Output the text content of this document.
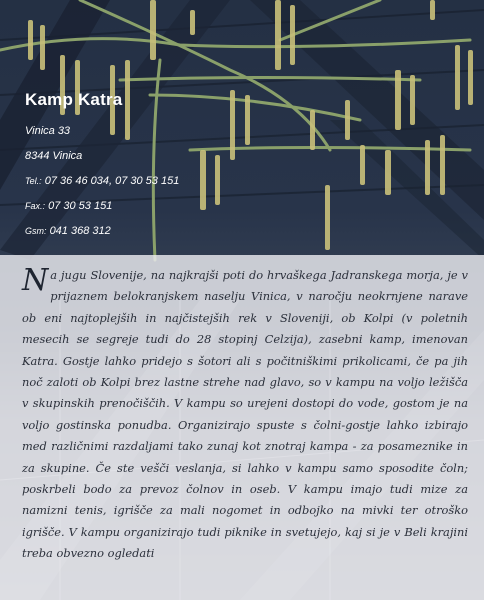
Kamp Katra
Vinica 33
8344 Vinica
Tel.: 07 36 46 034, 07 30 53 151
Fax.: 07 30 53 151
Gsm: 041 368 312
Na jugu Slovenije, na najkrajši poti do hrvaškega Jadranskega morja, je v prijaznem belokranjskem naselju Vinica, v naročju neokrnjene narave ob eni najtoplejših in najčistejših rek v Sloveniji, ob Kolpi (v poletnih mesecih se segreje tudi do 28 stopinj Celzija), zasebni kamp, imenovan Katra. Gostje lahko pridejo s šotori ali s počitniškimi prikolicami, če pa jih noč zaloti ob Kolpi brez lastne strehe nad glavo, so v kampu na voljo ležišča v skupinskih prenočiščih. V kampu so urejeni dostopi do vode, gostom je na voljo gostinska ponudba. Organizirajo spuste s čolni-gostje lahko izbirajo med različnimi razdaljami tako zunaj kot znotraj kampa - za posameznike in za skupine. Če ste vešči veslanja, si lahko v kampu samo sposodite čoln; poskrbeli bodo za prevoz čolnov in oseb. V kampu imajo tudi mize za namizni tenis, igrišče za mali nogomet in odbojko na mivki ter otroško igrišče. V kampu organizirajo tudi piknike in svetujejo, kaj si je v Beli krajini treba obvezno ogledati
